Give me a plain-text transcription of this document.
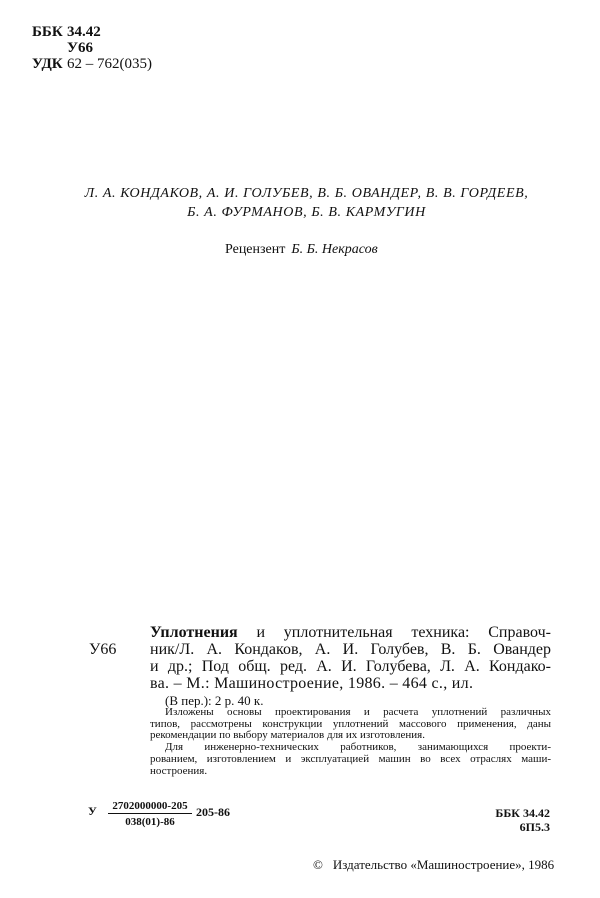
ББК 34.42
У66
УДК 62 – 762(035)
Л. А. КОНДАКОВ, А. И. ГОЛУБЕВ, В. Б. ОВАНДЕР, В. В. ГОРДЕЕВ,
Б. А. ФУРМАНОВ, Б. В. КАРМУГИН
Рецензент Б. Б. Некрасов
У66
Уплотнения и уплотнительная техника: Справоч-
ник/Л. А. Кондаков, А. И. Голубев, В. Б. Овандер
и др.; Под общ. ред. А. И. Голубева, Л. А. Кондако-
ва. – М.: Машиностроение, 1986. – 464 с., ил.
(В пер.): 2 р. 40 к.
Изложены основы проектирования и расчета уплотнений различных
типов, рассмотрены конструкции уплотнений массового применения, даны
рекомендации по выбору материалов для их изготовления.
Для инженерно-технических работников, занимающихся проекти-
рованием, изготовлением и эксплуатацией машин во всех отраслях маши-
ностроения.
У $\frac{2702000000-205}{038(01)-86} 205-86$	ББК 34.42
6П5.3
© Издательство «Машиностроение», 1986
